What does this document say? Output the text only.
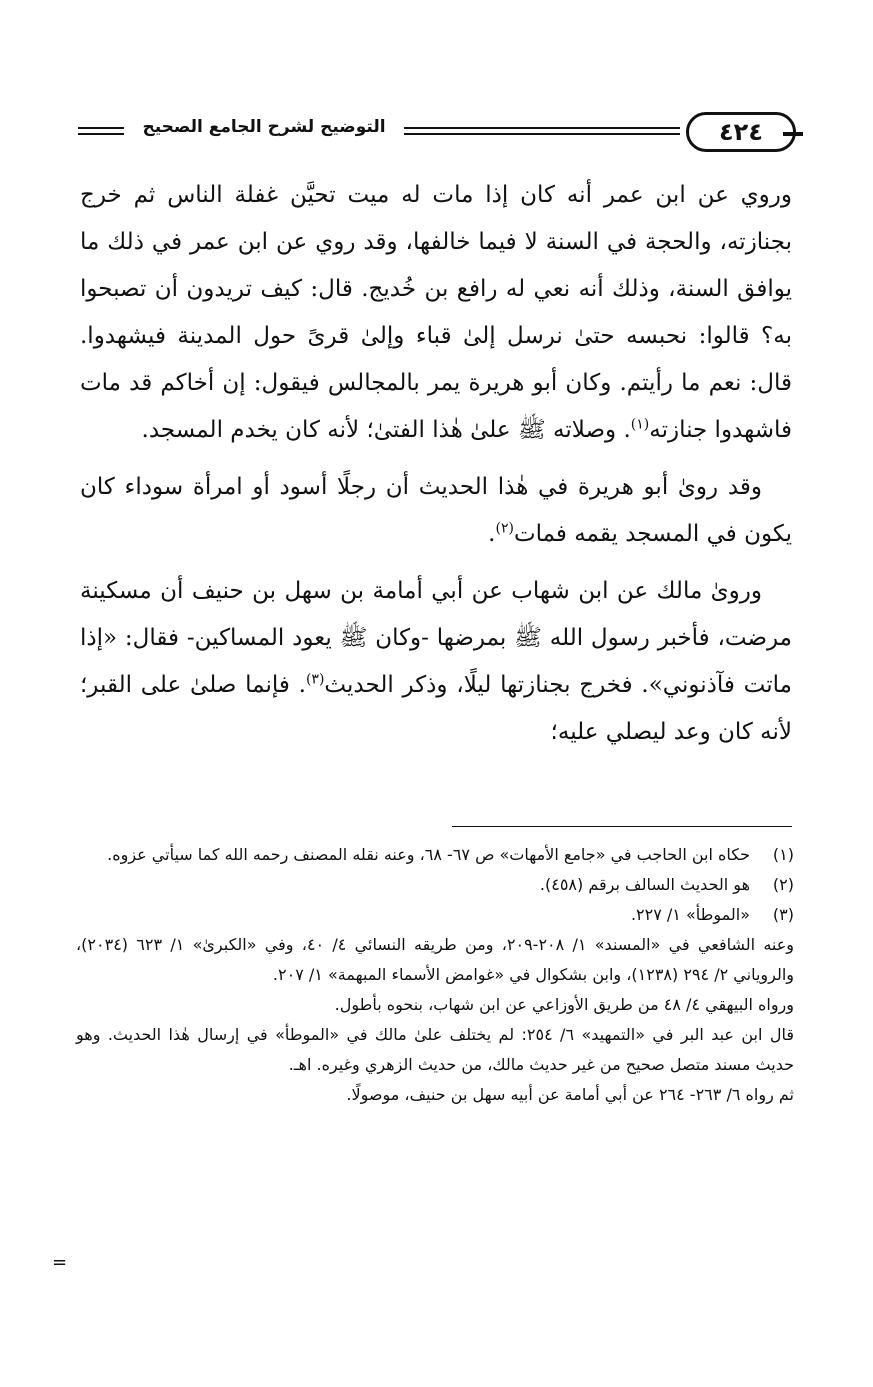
التوضيح لشرح الجامع الصحيح	٤٢٤

وروي عن ابن عمر أنه كان إذا مات له ميت تحيَّن غفلة الناس ثم خرج بجنازته، والحجة في السنة لا فيما خالفها، وقد روي عن ابن عمر في ذلك ما يوافق السنة، وذلك أنه نعي له رافع بن خُديج. قال: كيف تريدون أن تصبحوا به؟ قالوا: نحبسه حتىٰ نرسل إلىٰ قباء وإلىٰ قرىً حول المدينة فيشهدوا. قال: نعم ما رأيتم. وكان أبو هريرة يمر بالمجالس فيقول: إن أخاكم قد مات فاشهدوا جنازته$^{(١)}$. وصلاته ﷺ علىٰ هٰذا الفتىٰ؛ لأنه كان يخدم المسجد.

وقد روىٰ أبو هريرة في هٰذا الحديث أن رجلًا أسود أو امرأة سوداء كان يكون في المسجد يقمه فمات$^{(٢)}$.

وروىٰ مالك عن ابن شهاب عن أبي أمامة بن سهل بن حنيف أن مسكينة مرضت، فأخبر رسول الله ﷺ بمرضها -وكان ﷺ يعود المساكين- فقال: «إذا ماتت فآذنوني». فخرج بجنازتها ليلًا، وذكر الحديث$^{(٣)}$. فإنما صلىٰ على القبر؛ لأنه كان وعد ليصلي عليه؛

(١)
حكاه ابن الحاجب في «جامع الأمهات» ص ٦٧- ٦٨، وعنه نقله المصنف رحمه الله كما سيأتي عزوه.
(٢)
هو الحديث السالف برقم (٤٥٨).
(٣)
«الموطأ» ١/ ٢٢٧.
وعنه الشافعي في «المسند» ١/ ٢٠٨-٢٠٩، ومن طريقه النسائي ٤/ ٤٠، وفي «الكبرىٰ» ١/ ٦٢٣ (٢٠٣٤)، والروياني ٢/ ٢٩٤ (١٢٣٨)، وابن بشكوال في «غوامض الأسماء المبهمة» ١/ ٢٠٧.
ورواه البيهقي ٤/ ٤٨ من طريق الأوزاعي عن ابن شهاب، بنحوه بأطول.
قال ابن عبد البر في «التمهيد» ٦/ ٢٥٤: لم يختلف علىٰ مالك في «الموطأ» في إرسال هٰذا الحديث. وهو حديث مسند متصل صحيح من غير حديث مالك، من حديث الزهري وغيره. اهـ.
ثم رواه ٦/ ٢٦٣- ٢٦٤ عن أبي أمامة عن أبيه سهل بن حنيف، موصولًا.
=
